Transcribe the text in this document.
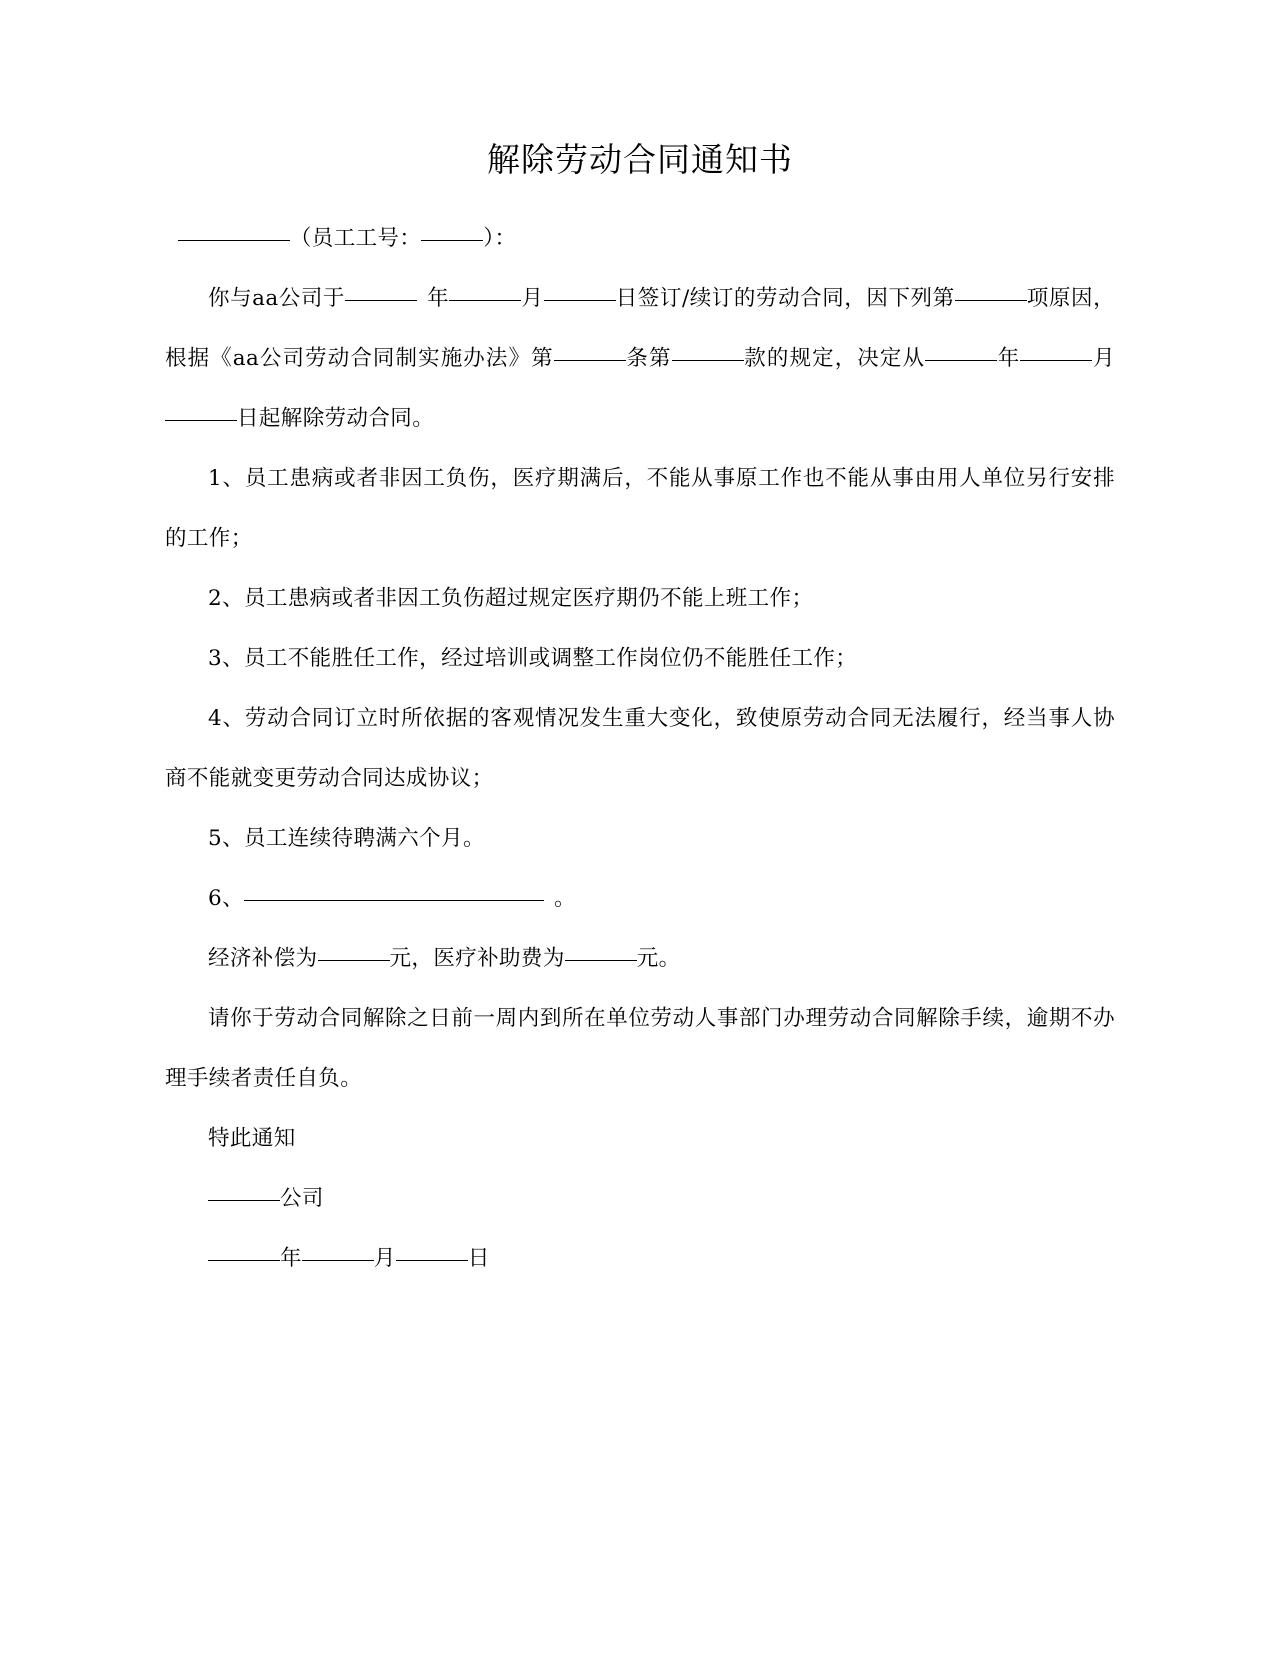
解除劳动合同通知书

（员工工号：	）：

你与aa公司于	年	月	日签订/续订的劳动合同，因下列第	项原因，根据《aa公司劳动合同制实施办法》第	条第	款的规定，决定从	年	月日起解除劳动合同。

1、员工患病或者非因工负伤，医疗期满后，不能从事原工作也不能从事由用人单位另行安排的工作；

2、员工患病或者非因工负伤超过规定医疗期仍不能上班工作；

3、员工不能胜任工作，经过培训或调整工作岗位仍不能胜任工作；

4、劳动合同订立时所依据的客观情况发生重大变化，致使原劳动合同无法履行，经当事人协商不能就变更劳动合同达成协议；

5、员工连续待聘满六个月。

6、	。

经济补偿为	元，医疗补助费为	元。

请你于劳动合同解除之日前一周内到所在单位劳动人事部门办理劳动合同解除手续，逾期不办理手续者责任自负。

特此通知

公司

年	月	日
